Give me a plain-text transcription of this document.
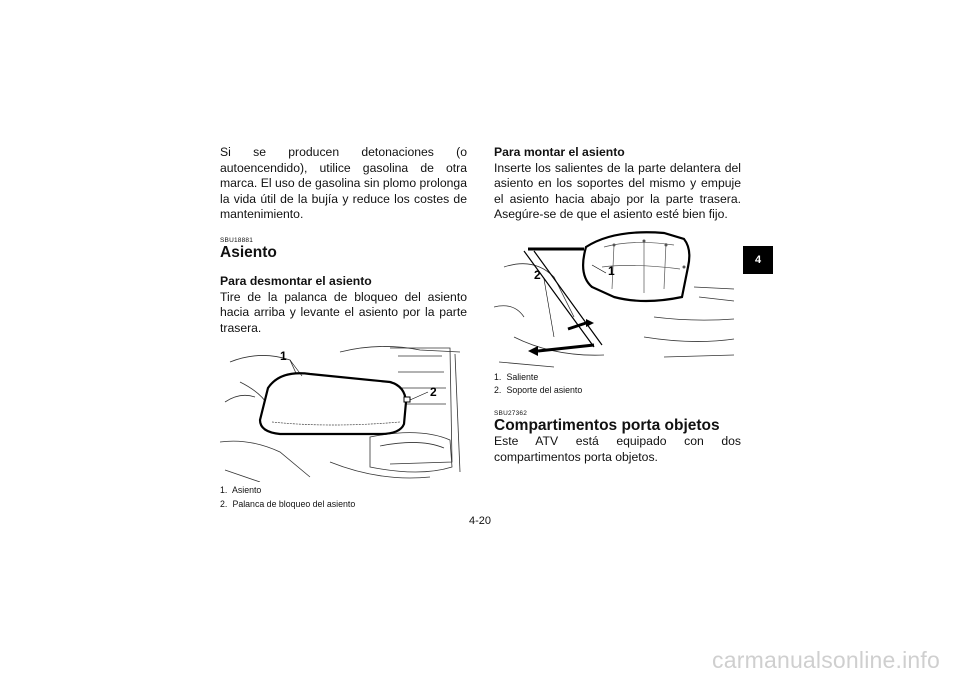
Si se producen detonaciones (o autoencendido), utilice gasolina de otra marca. El uso de gasolina sin plomo prolonga la vida útil de la bujía y reduce los costes de mantenimiento.

SBU18881

Asiento

Para desmontar el asiento

Tire de la palanca de bloqueo del asiento hacia arriba y levante el asiento por la parte trasera.

1
2
1. Asiento
2. Palanca de bloqueo del asiento

Para montar el asiento

Inserte los salientes de la parte delantera del asiento en los soportes del mismo y empuje el asiento hacia abajo por la parte trasera. Asegúre-se de que el asiento esté bien fijo.

2	1
1. Saliente
2. Soporte del asiento

SBU27362

Compartimentos porta objetos

Este ATV está equipado con dos compartimentos porta objetos.

4
4-20
carmanualsonline.info
